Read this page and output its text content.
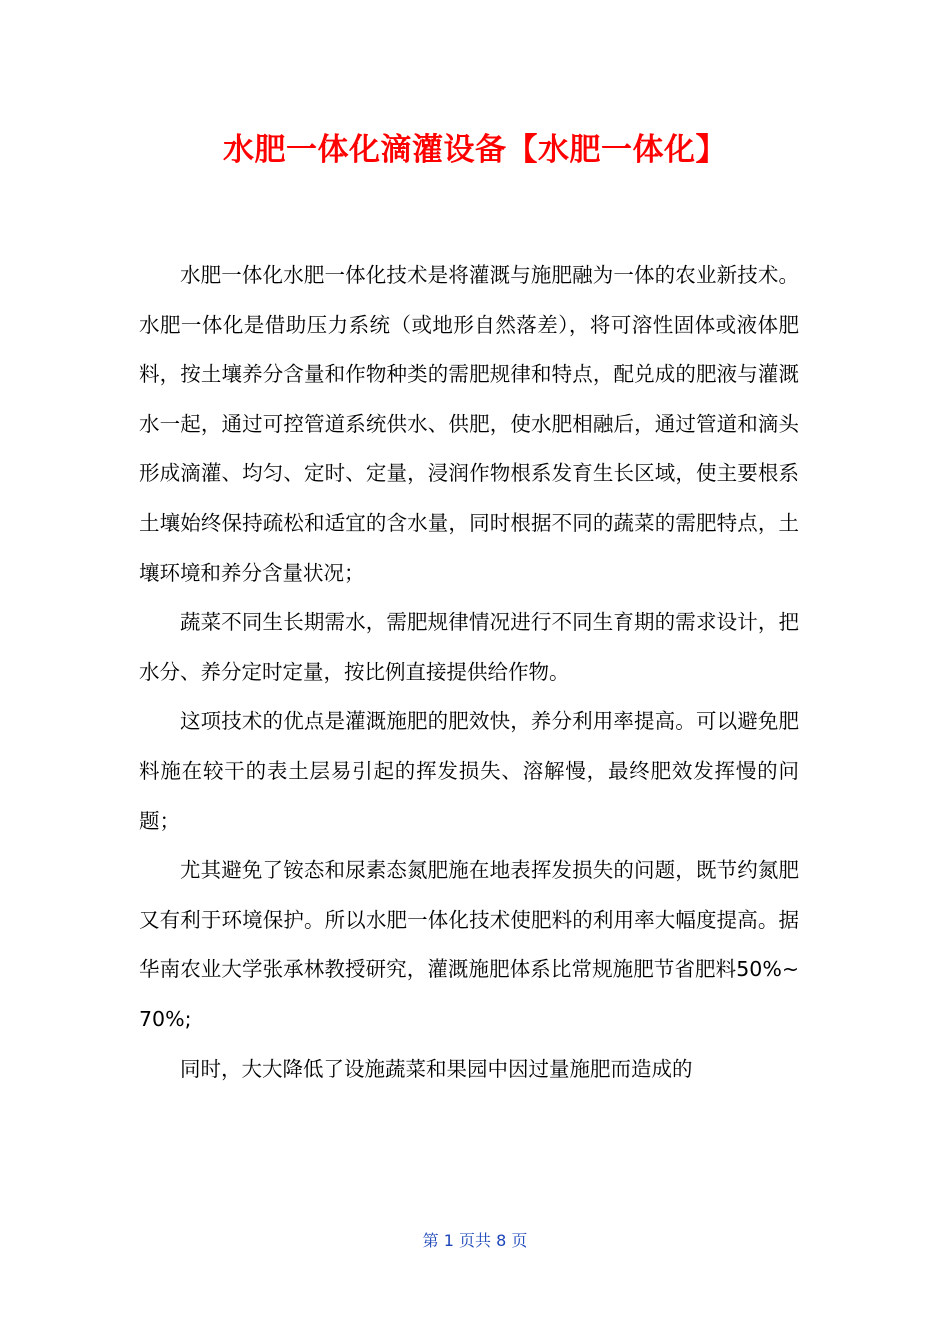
水肥一体化滴灌设备【水肥一体化】

水肥一体化水肥一体化技术是将灌溉与施肥融为一体的农业新技术。水肥一体化是借助压力系统（或地形自然落差），将可溶性固体或液体肥料，按土壤养分含量和作物种类的需肥规律和特点，配兑成的肥液与灌溉水一起，通过可控管道系统供水、供肥，使水肥相融后，通过管道和滴头形成滴灌、均匀、定时、定量，浸润作物根系发育生长区域，使主要根系土壤始终保持疏松和适宜的含水量，同时根据不同的蔬菜的需肥特点，土壤环境和养分含量状况；

蔬菜不同生长期需水，需肥规律情况进行不同生育期的需求设计，把水分、养分定时定量，按比例直接提供给作物。

这项技术的优点是灌溉施肥的肥效快，养分利用率提高。可以避免肥料施在较干的表土层易引起的挥发损失、溶解慢，最终肥效发挥慢的问题；

尤其避免了铵态和尿素态氮肥施在地表挥发损失的问题，既节约氮肥又有利于环境保护。所以水肥一体化技术使肥料的利用率大幅度提高。据华南农业大学张承林教授研究，灌溉施肥体系比常规施肥节省肥料50%~70%;

同时，大大降低了设施蔬菜和果园中因过量施肥而造成的

第 1 页共 8 页
